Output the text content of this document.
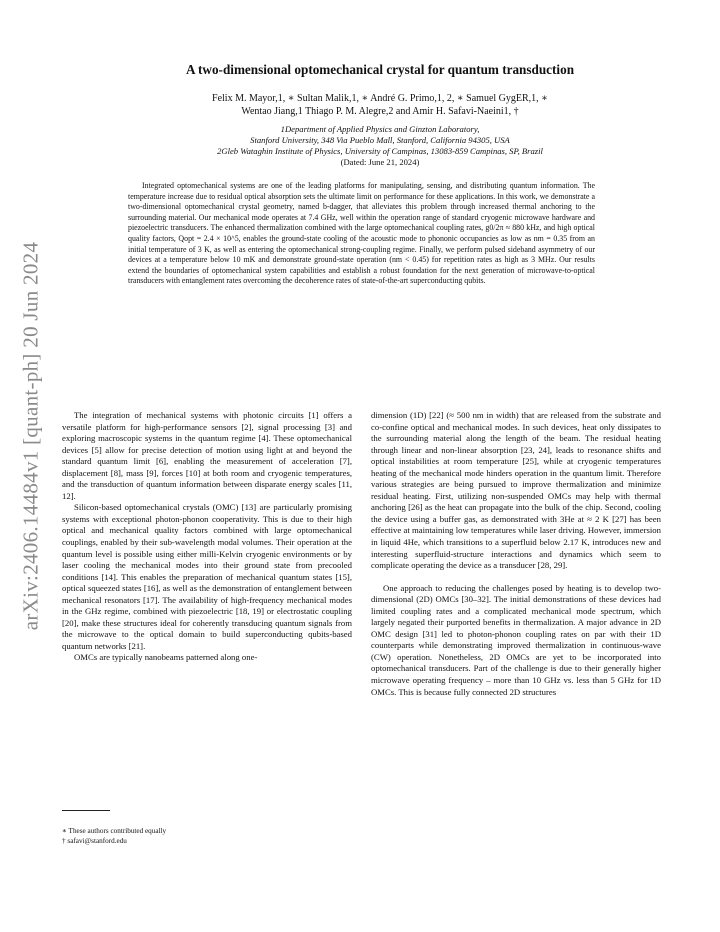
arXiv:2406.14484v1 [quant-ph] 20 Jun 2024
A two-dimensional optomechanical crystal for quantum transduction
Felix M. Mayor,1, ∗ Sultan Malik,1, ∗ André G. Primo,1, 2, ∗ Samuel GygER,1, ∗
Wentao Jiang,1 Thiago P. M. Alegre,2 and Amir H. Safavi-Naeini1, †
1Department of Applied Physics and Ginzton Laboratory,
Stanford University, 348 Via Pueblo Mall, Stanford, California 94305, USA
2Gleb Wataghin Institute of Physics, University of Campinas, 13083-859 Campinas, SP, Brazil
(Dated: June 21, 2024)

Integrated optomechanical systems are one of the leading platforms for manipulating, sensing, and distributing quantum information. The temperature increase due to residual optical absorption sets the ultimate limit on performance for these applications. In this work, we demonstrate a two-dimensional optomechanical crystal geometry, named b-dagger, that alleviates this problem through increased thermal anchoring to the surrounding material. Our mechanical mode operates at 7.4 GHz, well within the operation range of standard cryogenic microwave hardware and piezoelectric transducers. The enhanced thermalization combined with the large optomechanical coupling rates, g0/2π ≈ 880 kHz, and high optical quality factors, Qopt = 2.4 × 10^5, enables the ground-state cooling of the acoustic mode to phononic occupancies as low as nm = 0.35 from an initial temperature of 3 K, as well as entering the optomechanical strong-coupling regime. Finally, we perform pulsed sideband asymmetry of our devices at a temperature below 10 mK and demonstrate ground-state operation (nm < 0.45) for repetition rates as high as 3 MHz. Our results extend the boundaries of optomechanical system capabilities and establish a robust foundation for the next generation of microwave-to-optical transducers with entanglement rates overcoming the decoherence rates of state-of-the-art superconducting qubits.

The integration of mechanical systems with photonic circuits [1] offers a versatile platform for high-performance sensors [2], signal processing [3] and exploring macroscopic systems in the quantum regime [4]. These optomechanical devices [5] allow for precise detection of motion using light at and beyond the standard quantum limit [6], enabling the measurement of acceleration [7], displacement [8], mass [9], forces [10] at both room and cryogenic temperatures, and the transduction of quantum information between disparate energy scales [11, 12].

Silicon-based optomechanical crystals (OMC) [13] are particularly promising systems with exceptional photon-phonon cooperativity. This is due to their high optical and mechanical quality factors combined with large optomechanical couplings, enabled by their sub-wavelength modal volumes. Their operation at the quantum level is possible using either milli-Kelvin cryogenic environments or by laser cooling the mechanical modes into their ground state from precooled conditions [14]. This enables the preparation of mechanical quantum states [15], optical squeezed states [16], as well as the demonstration of entanglement between mechanical resonators [17]. The availability of high-frequency mechanical modes in the GHz regime, combined with piezoelectric [18, 19] or electrostatic coupling [20], make these structures ideal for coherently transducing quantum signals from the microwave to the optical domain to build superconducting qubits-based quantum networks [21].

OMCs are typically nanobeams patterned along one-

dimension (1D) [22] (≈ 500 nm in width) that are released from the substrate and co-confine optical and mechanical modes. In such devices, heat only dissipates to the surrounding material along the length of the beam. The residual heating through linear and non-linear absorption [23, 24], leads to resonance shifts and optical instabilities at room temperature [25], while at cryogenic temperatures heating of the mechanical mode hinders operation in the quantum limit. Therefore various strategies are being pursued to improve thermalization and minimize residual heating. First, utilizing non-suspended OMCs may help with thermal anchoring [26] as the heat can propagate into the bulk of the chip. Second, cooling the device using a buffer gas, as demonstrated with 3He at ≈ 2 K [27] has been effective at maintaining low temperatures while laser driving. However, immersion in liquid 4He, which transitions to a superfluid below 2.17 K, introduces new and interesting superfluid-structure interactions and dynamics which seem to complicate operating the device as a transducer [28, 29].

One approach to reducing the challenges posed by heating is to develop two-dimensional (2D) OMCs [30–32]. The initial demonstrations of these devices had limited coupling rates and a complicated mechanical mode spectrum, which largely negated their purported benefits in thermalization. A major advance in 2D OMC design [31] led to photon-phonon coupling rates on par with their 1D counterparts while demonstrating improved thermalization in continuous-wave (CW) operation. Nonetheless, 2D OMCs are yet to be incorporated into optomechanical transducers. Part of the challenge is due to their generally higher microwave operating frequency – more than 10 GHz vs. less than 5 GHz for 1D OMCs. This is because fully connected 2D structures

∗ These authors contributed equally
† safavi@stanford.edu
